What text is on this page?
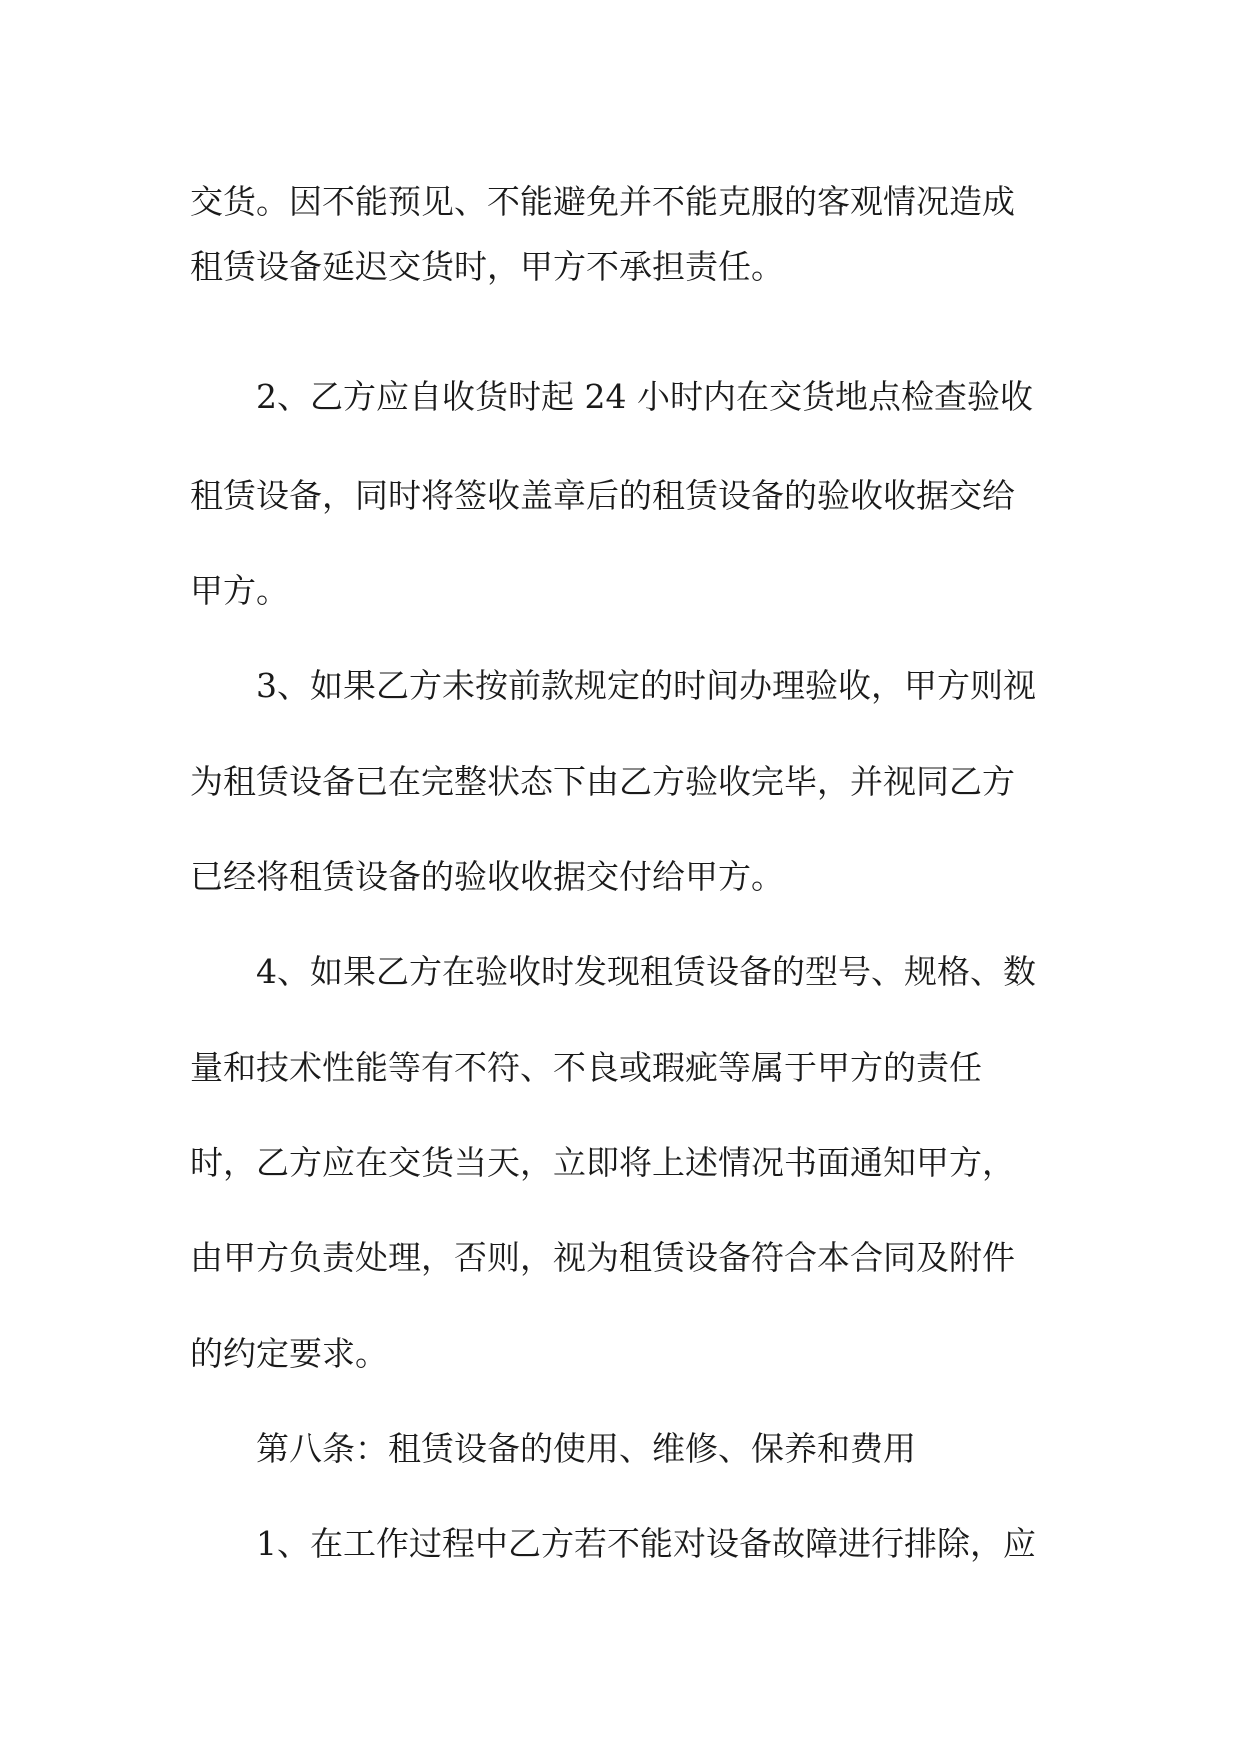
交货。因不能预见、不能避免并不能克服的客观情况造成

租赁设备延迟交货时，甲方不承担责任。

2、乙方应自收货时起 24 小时内在交货地点检查验收

租赁设备，同时将签收盖章后的租赁设备的验收收据交给

甲方。

3、如果乙方未按前款规定的时间办理验收，甲方则视

为租赁设备已在完整状态下由乙方验收完毕，并视同乙方

已经将租赁设备的验收收据交付给甲方。

4、如果乙方在验收时发现租赁设备的型号、规格、数

量和技术性能等有不符、不良或瑕疵等属于甲方的责任

时，乙方应在交货当天，立即将上述情况书面通知甲方，

由甲方负责处理，否则，视为租赁设备符合本合同及附件

的约定要求。

第八条：租赁设备的使用、维修、保养和费用

1、在工作过程中乙方若不能对设备故障进行排除，应
